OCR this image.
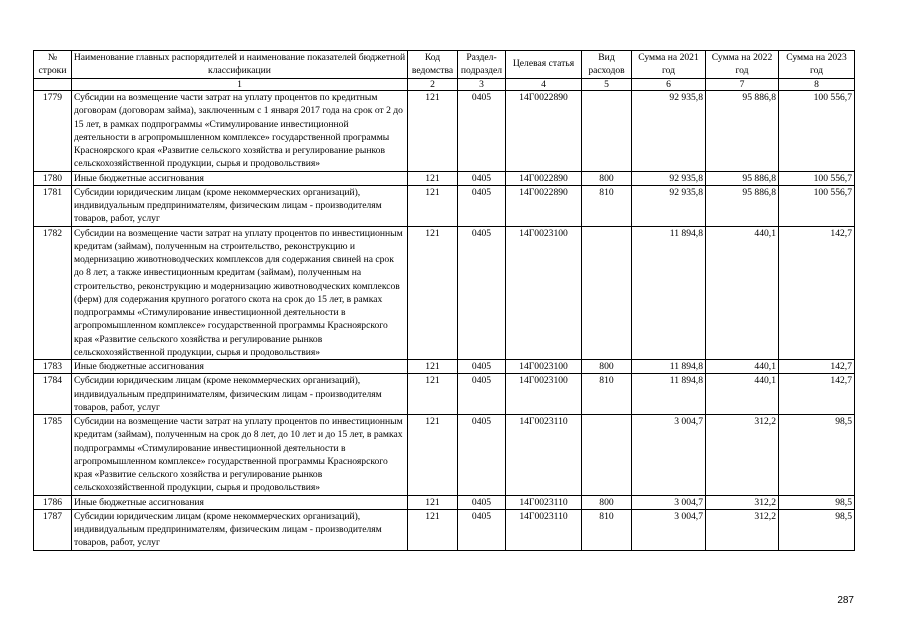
№ строки	Наименование главных распорядителей и наименование показателей бюджетной классификации	Код ведомства	Раздел-подраздел	Целевая статья	Вид расходов	Сумма на 2021 год	Сумма на 2022 год	Сумма на 2023 год
	1	2	3	4	5	6	7	8
1779	Субсидии на возмещение части затрат на уплату процентов по кредитным договорам (договорам займа), заключенным с 1 января 2017 года на срок от 2 до 15 лет, в рамках подпрограммы «Стимулирование инвестиционной деятельности в агропромышленном комплексе» государственной программы Красноярского края «Развитие сельского хозяйства и регулирование рынков сельскохозяйственной продукции, сырья и продовольствия»	121	0405	14Г0022890		92 935,8	95 886,8	100 556,7
1780	Иные бюджетные ассигнования	121	0405	14Г0022890	800	92 935,8	95 886,8	100 556,7
1781	Субсидии юридическим лицам (кроме некоммерческих организаций), индивидуальным предпринимателям, физическим лицам - производителям товаров, работ, услуг	121	0405	14Г0022890	810	92 935,8	95 886,8	100 556,7
1782	Субсидии на возмещение части затрат на уплату процентов по инвестиционным кредитам (займам), полученным на строительство, реконструкцию и модернизацию животноводческих комплексов для содержания свиней на срок до 8 лет, а также инвестиционным кредитам (займам), полученным на строительство, реконструкцию и модернизацию животноводческих комплексов (ферм) для содержания крупного рогатого скота на срок до 15 лет, в рамках подпрограммы «Стимулирование инвестиционной деятельности в агропромышленном комплексе» государственной программы Красноярского края «Развитие сельского хозяйства и регулирование рынков сельскохозяйственной продукции, сырья и продовольствия»	121	0405	14Г0023100		11 894,8	440,1	142,7
1783	Иные бюджетные ассигнования	121	0405	14Г0023100	800	11 894,8	440,1	142,7
1784	Субсидии юридическим лицам (кроме некоммерческих организаций), индивидуальным предпринимателям, физическим лицам - производителям товаров, работ, услуг	121	0405	14Г0023100	810	11 894,8	440,1	142,7
1785	Субсидии на возмещение части затрат на уплату процентов по инвестиционным кредитам (займам), полученным на срок до 8 лет, до 10 лет и до 15 лет, в рамках подпрограммы «Стимулирование инвестиционной деятельности в агропромышленном комплексе» государственной программы Красноярского края «Развитие сельского хозяйства и регулирование рынков сельскохозяйственной продукции, сырья и продовольствия»	121	0405	14Г0023110		3 004,7	312,2	98,5
1786	Иные бюджетные ассигнования	121	0405	14Г0023110	800	3 004,7	312,2	98,5
1787	Субсидии юридическим лицам (кроме некоммерческих организаций), индивидуальным предпринимателям, физическим лицам - производителям товаров, работ, услуг	121	0405	14Г0023110	810	3 004,7	312,2	98,5
287
